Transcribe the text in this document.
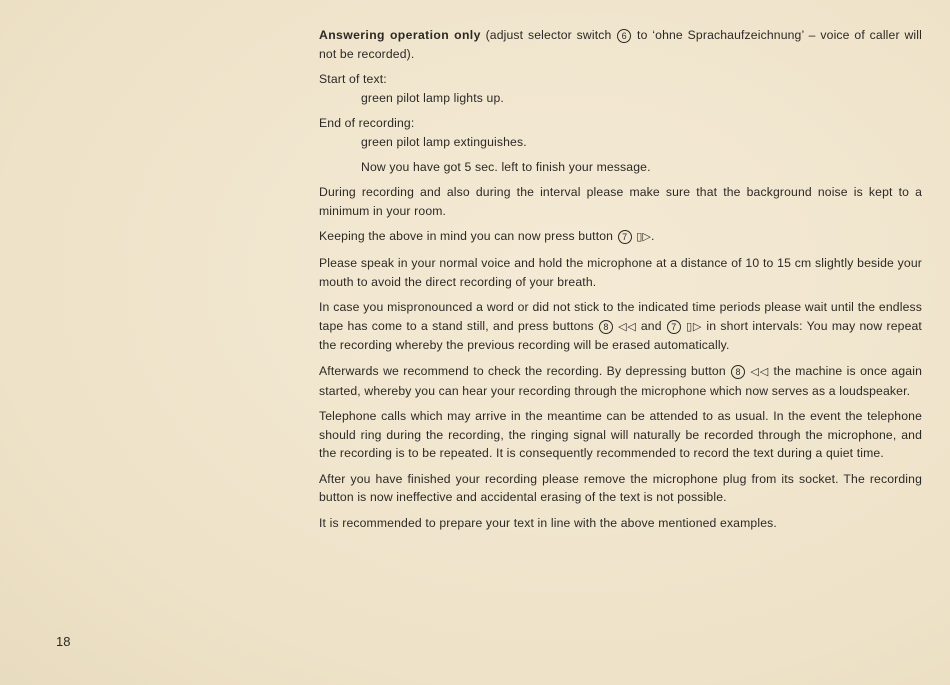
Answering operation only (adjust selector switch 6 to ‘ohne Sprachaufzeichnung’ – voice of caller will not be recorded).

Start of text:

green pilot lamp lights up.

End of recording:

green pilot lamp extinguishes.

Now you have got 5 sec. left to finish your message.

During recording and also during the interval please make sure that the background noise is kept to a minimum in your room.

Keeping the above in mind you can now press button 7 ▯▷.

Please speak in your normal voice and hold the microphone at a distance of 10 to 15 cm slightly beside your mouth to avoid the direct recording of your breath.

In case you mispronounced a word or did not stick to the indicated time periods please wait until the endless tape has come to a stand still, and press buttons 8 ◁◁ and 7 ▯▷ in short intervals: You may now repeat the recording whereby the previous recording will be erased automatically.

Afterwards we recommend to check the recording. By depressing button 8 ◁◁ the machine is once again started, whereby you can hear your recording through the microphone which now serves as a loudspeaker.

Telephone calls which may arrive in the meantime can be attended to as usual. In the event the telephone should ring during the recording, the ringing signal will naturally be recorded through the microphone, and the recording is to be repeated. It is consequently recommended to record the text during a quiet time.

After you have finished your recording please remove the microphone plug from its socket. The recording button is now ineffective and accidental erasing of the text is not possible.

It is recommended to prepare your text in line with the above mentioned examples.

18
